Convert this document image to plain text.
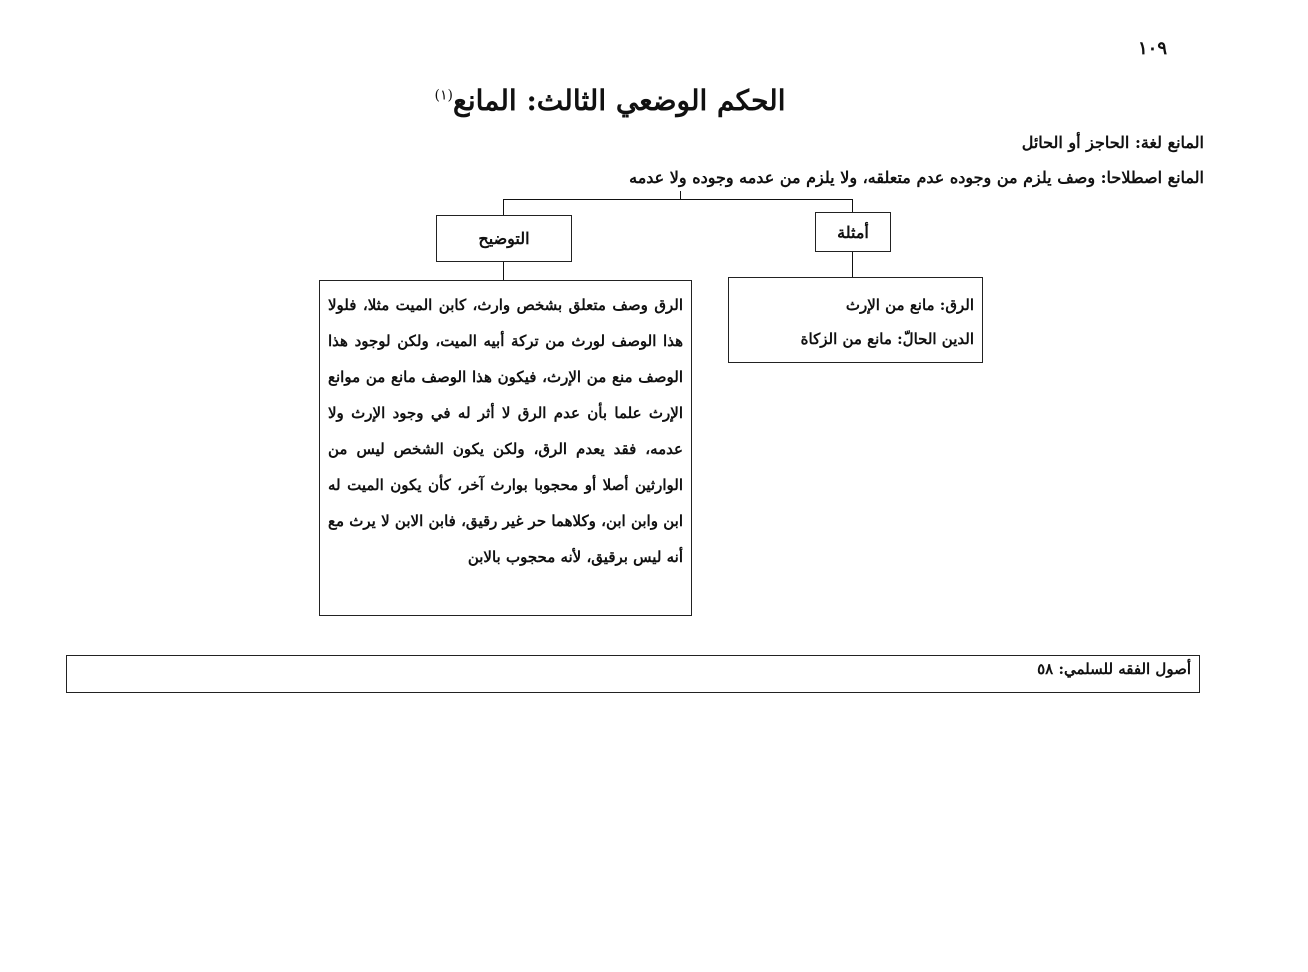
١٠٩
الحكم الوضعي الثالث: المانع$^{(١)}$
المانع لغة: الحاجز أو الحائل
المانع اصطلاحا: وصف يلزم من وجوده عدم متعلقه، ولا يلزم من عدمه وجوده ولا عدمه
التوضيح	أمثلة
الرق: مانع من الإرث
الدين الحالّ: مانع من الزكاة
الرق وصف متعلق بشخص وارث، كابن الميت مثلا، فلولا هذا الوصف لورث من تركة أبيه الميت، ولكن لوجود هذا الوصف منع من الإرث، فيكون هذا الوصف مانع من موانع الإرث علما بأن عدم الرق لا أثر له في وجود الإرث ولا عدمه، فقد يعدم الرق، ولكن يكون الشخص ليس من الوارثين أصلا أو محجوبا بوارث آخر، كأن يكون الميت له ابن وابن ابن، وكلاهما حر غير رقيق، فابن الابن لا يرث مع أنه ليس برقيق، لأنه محجوب بالابن
أصول الفقه للسلمي: ٥٨
